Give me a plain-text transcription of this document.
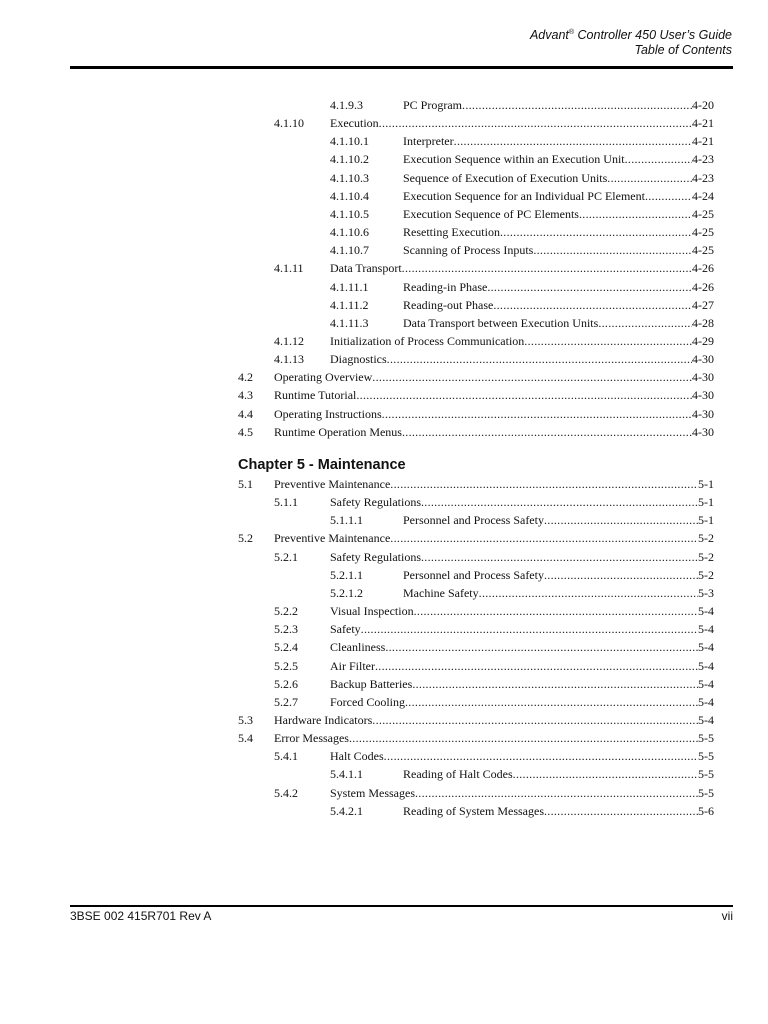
Advant® Controller 450 User’s Guide
Table of Contents
Chapter 5 - Maintenance
4.1.9.3	PC Program .....	4-20
4.1.10 Execution .....	4-21
4.1.10.1	Interpreter .....	4-21
4.1.10.2	Execution Sequence within an Execution Unit .....	4-23
4.1.10.3	Sequence of Execution of Execution Units .....	4-23
4.1.10.4	Execution Sequence for an Individual PC Element .....	4-24
4.1.10.5	Execution Sequence of PC Elements .....	4-25
4.1.10.6	Resetting Execution .....	4-25
4.1.10.7	Scanning of Process Inputs .....	4-25
4.1.11 Data Transport .....	4-26
4.1.11.1	Reading-in Phase .....	4-26
4.1.11.2	Reading-out Phase .....	4-27
4.1.11.3	Data Transport between Execution Units .....	4-28
4.1.12 Initialization of Process Communication .....	4-29
4.1.13 Diagnostics .....	4-30
4.2 Operating Overview .....	4-30
4.3 Runtime Tutorial .....	4-30
4.4 Operating Instructions .....	4-30
4.5 Runtime Operation Menus .....	4-30
5.1 Preventive Maintenance .....	5-1
5.1.1	Safety Regulations .....	5-1
5.1.1.1	Personnel and Process Safety .....	5-1
5.2 Preventive Maintenance .....	5-2
5.2.1	Safety Regulations .....	5-2
5.2.1.1	Personnel and Process Safety .....	5-2
5.2.1.2	Machine Safety .....	5-3
5.2.2	Visual Inspection .....	5-4
5.2.3	Safety .....	5-4
5.2.4	Cleanliness .....	5-4
5.2.5	Air Filter .....	5-4
5.2.6	Backup Batteries .....	5-4
5.2.7	Forced Cooling .....	5-4
5.3 Hardware Indicators .....	5-4
5.4 Error Messages .....	5-5
5.4.1	Halt Codes .....	5-5
5.4.1.1	Reading of Halt Codes .....	5-5
5.4.2	System Messages .....	5-5
5.4.2.1	Reading of System Messages .....	5-6
3BSE 002 415R701 Rev A	vii
